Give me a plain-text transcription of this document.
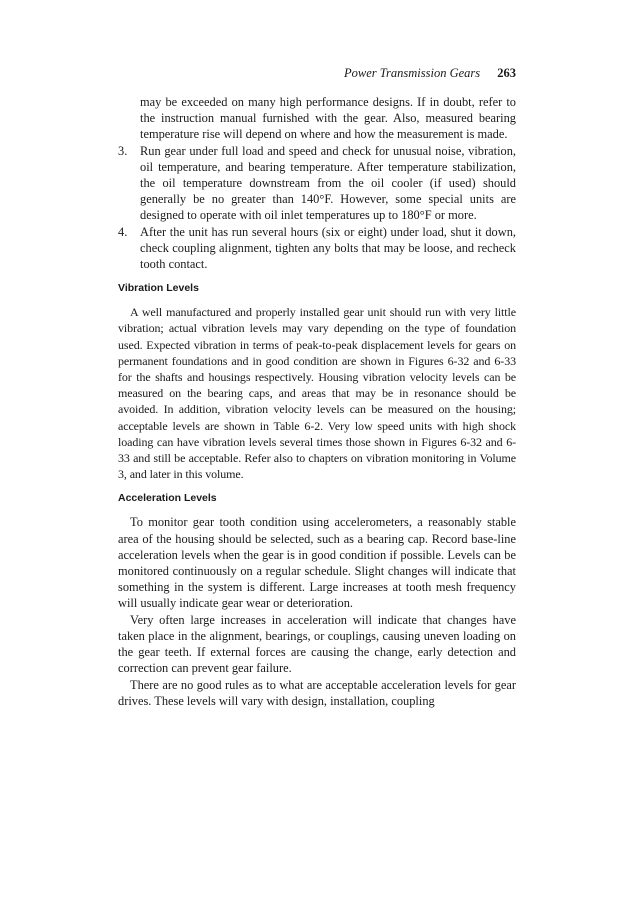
Power Transmission Gears 263

may be exceeded on many high performance designs. If in doubt, refer to the instruction manual furnished with the gear. Also, measured bearing temperature rise will depend on where and how the measurement is made.

3.	Run gear under full load and speed and check for unusual noise, vibration, oil temperature, and bearing temperature. After temperature stabilization, the oil temperature downstream from the oil cooler (if used) should generally be no greater than 140°F. However, some special units are designed to operate with oil inlet temperatures up to 180°F or more.
4.	After the unit has run several hours (six or eight) under load, shut it down, check coupling alignment, tighten any bolts that may be loose, and recheck tooth contact.
Vibration Levels

A well manufactured and properly installed gear unit should run with very little vibration; actual vibration levels may vary depending on the type of foundation used. Expected vibration in terms of peak-to-peak displacement levels for gears on permanent foundations and in good condition are shown in Figures 6-32 and 6-33 for the shafts and housings respectively. Housing vibration velocity levels can be measured on the bearing caps, and areas that may be in resonance should be avoided. In addition, vibration velocity levels can be measured on the housing; acceptable levels are shown in Table 6-2. Very low speed units with high shock loading can have vibration levels several times those shown in Figures 6-32 and 6-33 and still be acceptable. Refer also to chapters on vibration monitoring in Volume 3, and later in this volume.

Acceleration Levels

To monitor gear tooth condition using accelerometers, a reasonably stable area of the housing should be selected, such as a bearing cap. Record base-line acceleration levels when the gear is in good condition if possible. Levels can be monitored continuously on a regular schedule. Slight changes will indicate that something in the system is different. Large increases at tooth mesh frequency will usually indicate gear wear or deterioration.

Very often large increases in acceleration will indicate that changes have taken place in the alignment, bearings, or couplings, causing uneven loading on the gear teeth. If external forces are causing the change, early detection and correction can prevent gear failure.

There are no good rules as to what are acceptable acceleration levels for gear drives. These levels will vary with design, installation, coupling
